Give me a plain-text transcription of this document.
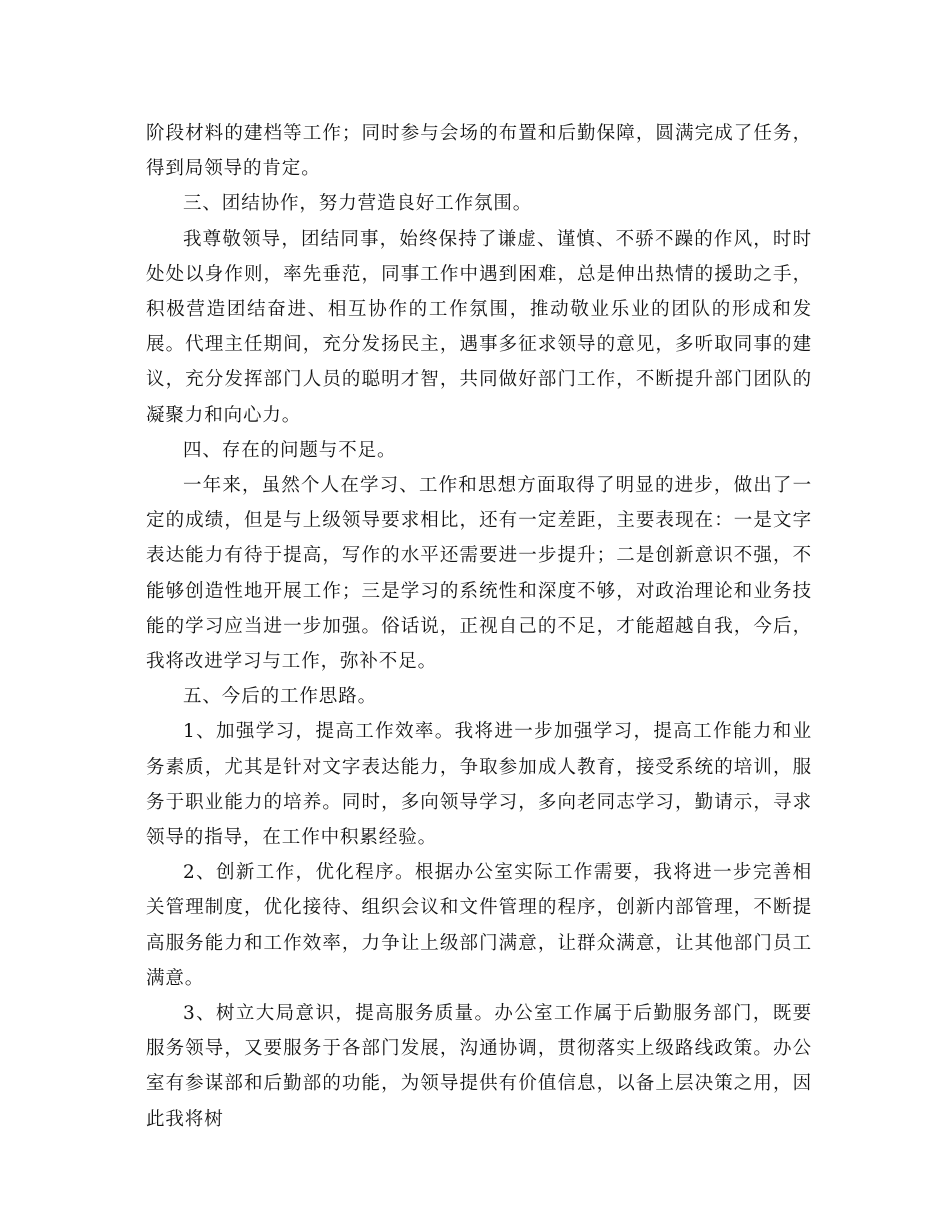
阶段材料的建档等工作；同时参与会场的布置和后勤保障，圆满完成了任务，得到局领导的肯定。

三、团结协作，努力营造良好工作氛围。

我尊敬领导，团结同事，始终保持了谦虚、谨慎、不骄不躁的作风，时时处处以身作则，率先垂范，同事工作中遇到困难，总是伸出热情的援助之手，积极营造团结奋进、相互协作的工作氛围，推动敬业乐业的团队的形成和发展。代理主任期间，充分发扬民主，遇事多征求领导的意见，多听取同事的建议，充分发挥部门人员的聪明才智，共同做好部门工作，不断提升部门团队的凝聚力和向心力。

四、存在的问题与不足。

一年来，虽然个人在学习、工作和思想方面取得了明显的进步，做出了一定的成绩，但是与上级领导要求相比，还有一定差距，主要表现在：一是文字表达能力有待于提高，写作的水平还需要进一步提升；二是创新意识不强，不能够创造性地开展工作；三是学习的系统性和深度不够，对政治理论和业务技能的学习应当进一步加强。俗话说，正视自己的不足，才能超越自我，今后，我将改进学习与工作，弥补不足。

五、今后的工作思路。

1、加强学习，提高工作效率。我将进一步加强学习，提高工作能力和业务素质，尤其是针对文字表达能力，争取参加成人教育，接受系统的培训，服务于职业能力的培养。同时，多向领导学习，多向老同志学习，勤请示，寻求领导的指导，在工作中积累经验。

2、创新工作，优化程序。根据办公室实际工作需要，我将进一步完善相关管理制度，优化接待、组织会议和文件管理的程序，创新内部管理，不断提高服务能力和工作效率，力争让上级部门满意，让群众满意，让其他部门员工满意。

3、树立大局意识，提高服务质量。办公室工作属于后勤服务部门，既要服务领导，又要服务于各部门发展，沟通协调，贯彻落实上级路线政策。办公室有参谋部和后勤部的功能，为领导提供有价值信息，以备上层决策之用，因此我将树
